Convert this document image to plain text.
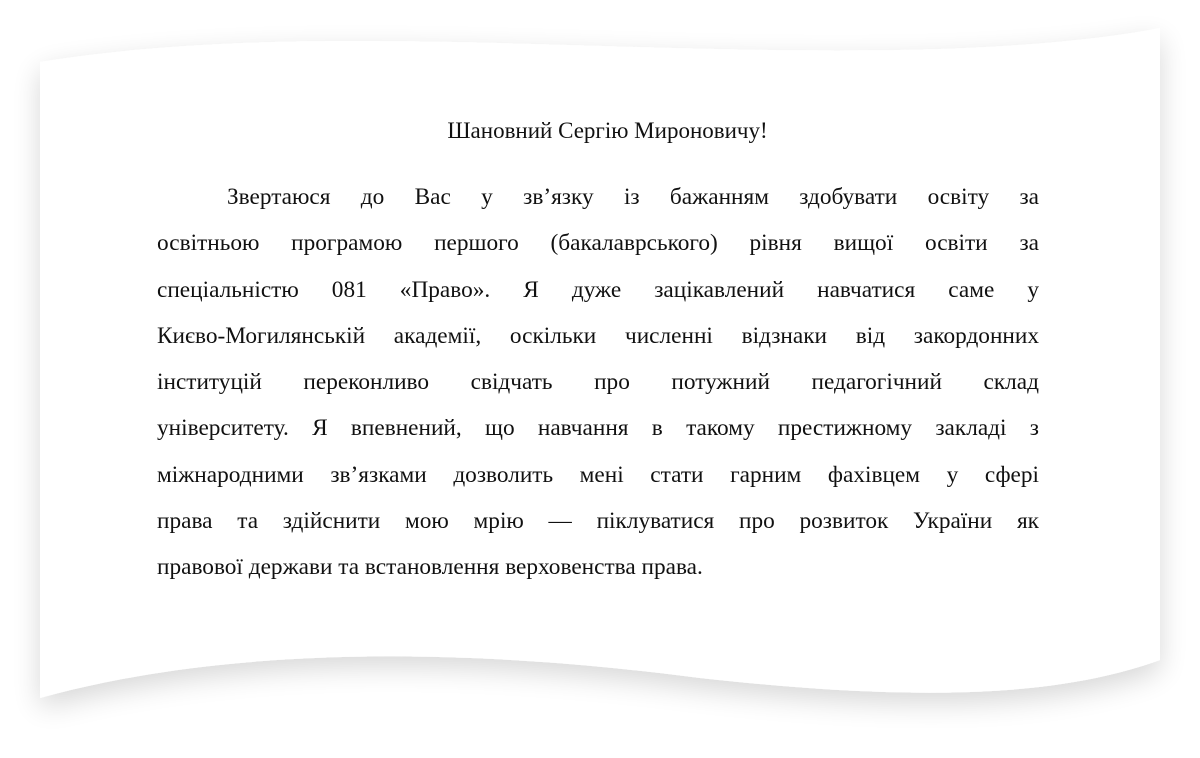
Шановний Сергію Мироновичу!

Звертаюся до Вас у зв’язку із бажанням здобувати освіту за
освітньою програмою першого (бакалаврського) рівня вищої освіти за
спеціальністю 081 «Право». Я дуже зацікавлений навчатися саме у
Києво-Могилянській академії, оскільки численні відзнаки від закордонних
інституцій переконливо свідчать про потужний педагогічний склад
університету. Я впевнений, що навчання в такому престижному закладі з
міжнародними зв’язками дозволить мені стати гарним фахівцем у сфері
права та здійснити мою мрію — піклуватися про розвиток України як
правової держави та встановлення верховенства права.
